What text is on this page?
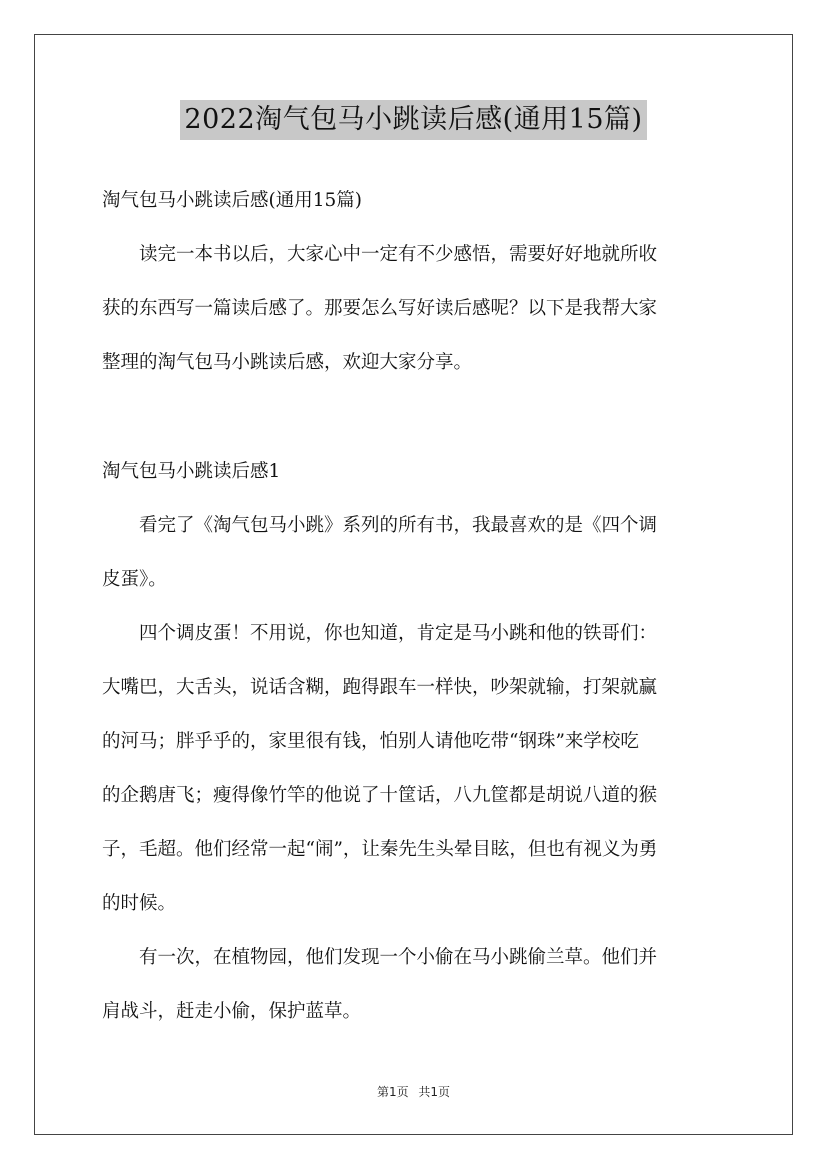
2022淘气包马小跳读后感(通用15篇)
淘气包马小跳读后感(通用15篇)
读完一本书以后，大家心中一定有不少感悟，需要好好地就所收
获的东西写一篇读后感了。那要怎么写好读后感呢？以下是我帮大家
整理的淘气包马小跳读后感，欢迎大家分享。
淘气包马小跳读后感1
看完了《淘气包马小跳》系列的所有书，我最喜欢的是《四个调
皮蛋》。
四个调皮蛋！不用说，你也知道，肯定是马小跳和他的铁哥们：
大嘴巴，大舌头，说话含糊，跑得跟车一样快，吵架就输，打架就赢
的河马；胖乎乎的，家里很有钱，怕别人请他吃带“钢珠”来学校吃
的企鹅唐飞；瘦得像竹竿的他说了十筐话，八九筐都是胡说八道的猴
子，毛超。他们经常一起“闹”，让秦先生头晕目眩，但也有视义为勇
的时候。
有一次，在植物园，他们发现一个小偷在马小跳偷兰草。他们并
肩战斗，赶走小偷，保护蓝草。
第1页 共1页
